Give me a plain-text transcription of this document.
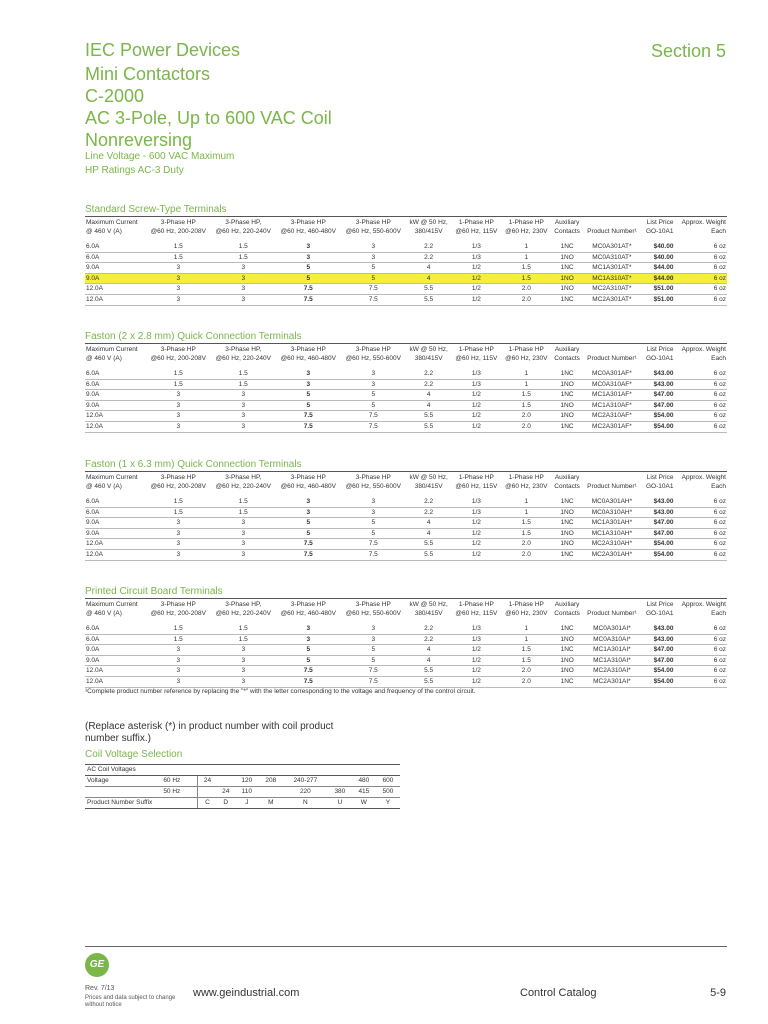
IEC Power Devices	Section 5
Mini Contactors
C-2000
AC 3-Pole, Up to 600 VAC Coil
Nonreversing
Line Voltage - 600 VAC Maximum
HP Ratings AC-3 Duty
Standard Screw-Type Terminals
Maximum Current	3-Phase HP	3-Phase HP,	3-Phase HP	3-Phase HP	kW @ 50 Hz,	1-Phase HP	1-Phase HP	Auxiliary		List Price	Approx. Weight
@ 460 V (A)	@60 Hz, 200-208V	@60 Hz, 220-240V	@60 Hz, 460-480V	@60 Hz, 550-600V	380/415V	@60 Hz, 115V	@60 Hz, 230V	Contacts	Product Number¹	GO-10A1	Each
6.0A	1.5	1.5	3	3	2.2	1/3	1	1NC	MC0A301AT*	$40.00	6 oz
6.0A	1.5	1.5	3	3	2.2	1/3	1	1NO	MC0A310AT*	$40.00	6 oz
9.0A	3	3	5	5	4	1/2	1.5	1NC	MC1A301AT*	$44.00	6 oz
9.0A	3	3	5	5	4	1/2	1.5	1NO	MC1A310AT*	$44.00	6 oz
12.0A	3	3	7.5	7.5	5.5	1/2	2.0	1NO	MC2A310AT*	$51.00	6 oz
12.0A	3	3	7.5	7.5	5.5	1/2	2.0	1NC	MC2A301AT*	$51.00	6 oz
Faston (2 x 2.8 mm) Quick Connection Terminals
Maximum Current	3-Phase HP	3-Phase HP,	3-Phase HP	3-Phase HP	kW @ 50 Hz,	1-Phase HP	1-Phase HP	Auxiliary		List Price	Approx. Weight
@ 460 V (A)	@60 Hz, 200-208V	@60 Hz, 220-240V	@60 Hz, 460-480V	@60 Hz, 550-600V	380/415V	@60 Hz, 115V	@60 Hz, 230V	Contacts	Product Number¹	GO-10A1	Each
6.0A	1.5	1.5	3	3	2.2	1/3	1	1NC	MC0A301AF*	$43.00	6 oz
6.0A	1.5	1.5	3	3	2.2	1/3	1	1NO	MC0A310AF*	$43.00	6 oz
9.0A	3	3	5	5	4	1/2	1.5	1NC	MC1A301AF*	$47.00	6 oz
9.0A	3	3	5	5	4	1/2	1.5	1NO	MC1A310AF*	$47.00	6 oz
12.0A	3	3	7.5	7.5	5.5	1/2	2.0	1NO	MC2A310AF*	$54.00	6 oz
12.0A	3	3	7.5	7.5	5.5	1/2	2.0	1NC	MC2A301AF*	$54.00	6 oz
Faston (1 x 6.3 mm) Quick Connection Terminals
Maximum Current	3-Phase HP	3-Phase HP,	3-Phase HP	3-Phase HP	kW @ 50 Hz,	1-Phase HP	1-Phase HP	Auxiliary		List Price	Approx. Weight
@ 460 V (A)	@60 Hz, 200-208V	@60 Hz, 220-240V	@60 Hz, 460-480V	@60 Hz, 550-600V	380/415V	@60 Hz, 115V	@60 Hz, 230V	Contacts	Product Number¹	GO-10A1	Each
6.0A	1.5	1.5	3	3	2.2	1/3	1	1NC	MC0A301AH*	$43.00	6 oz
6.0A	1.5	1.5	3	3	2.2	1/3	1	1NO	MC0A310AH*	$43.00	6 oz
9.0A	3	3	5	5	4	1/2	1.5	1NC	MC1A301AH*	$47.00	6 oz
9.0A	3	3	5	5	4	1/2	1.5	1NO	MC1A310AH*	$47.00	6 oz
12.0A	3	3	7.5	7.5	5.5	1/2	2.0	1NO	MC2A310AH*	$54.00	6 oz
12.0A	3	3	7.5	7.5	5.5	1/2	2.0	1NC	MC2A301AH*	$54.00	6 oz
Printed Circuit Board Terminals
Maximum Current	3-Phase HP	3-Phase HP,	3-Phase HP	3-Phase HP	kW @ 50 Hz,	1-Phase HP	1-Phase HP	Auxiliary		List Price	Approx. Weight
@ 460 V (A)	@60 Hz, 200-208V	@60 Hz, 220-240V	@60 Hz, 460-480V	@60 Hz, 550-600V	380/415V	@60 Hz, 115V	@60 Hz, 230V	Contacts	Product Number¹	GO-10A1	Each
6.0A	1.5	1.5	3	3	2.2	1/3	1	1NC	MC0A301AI*	$43.00	6 oz
6.0A	1.5	1.5	3	3	2.2	1/3	1	1NO	MC0A310AI*	$43.00	6 oz
9.0A	3	3	5	5	4	1/2	1.5	1NC	MC1A301AI*	$47.00	6 oz
9.0A	3	3	5	5	4	1/2	1.5	1NO	MC1A310AI*	$47.00	6 oz
12.0A	3	3	7.5	7.5	5.5	1/2	2.0	1NO	MC2A310AI*	$54.00	6 oz
12.0A	3	3	7.5	7.5	5.5	1/2	2.0	1NC	MC2A301AI*	$54.00	6 oz
¹Complete product number reference by replacing the "*" with the letter corresponding to the voltage and frequency of the control circuit.
(Replace asterisk (*) in product number with coil product number suffix.)
Coil Voltage Selection
AC Coil Voltages									
Voltage	60 Hz	24		120	208	240-277		480	600
	50 Hz		24	110		220	380	415	500
Product Number Suffix		C	D	J	M	N	U	W	Y
GE
Rev. 7/13
Prices and data subject to change without notice
www.geindustrial.com	Control Catalog	5-9
